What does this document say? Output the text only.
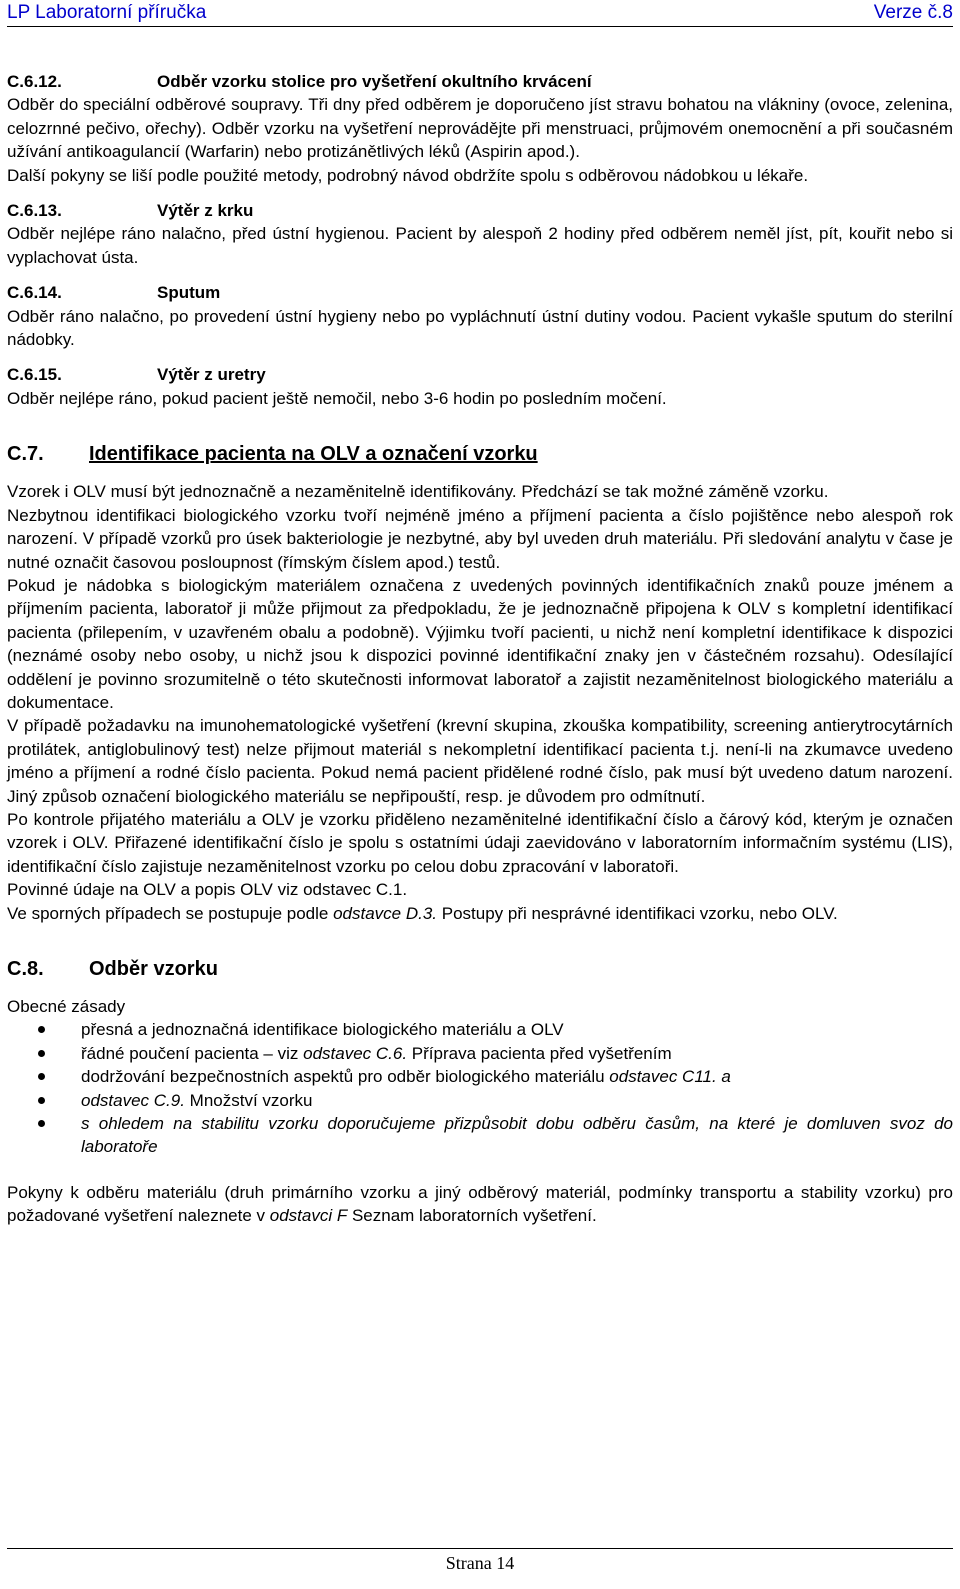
LP Laboratorní příručka	Verze č.8
C.6.12.	Odběr vzorku stolice pro vyšetření okultního krvácení

Odběr do speciální odběrové soupravy. Tři dny před odběrem je doporučeno jíst stravu bohatou na vlákniny (ovoce, zelenina, celozrnné pečivo, ořechy). Odběr vzorku na vyšetření neprovádějte při menstruaci, průjmovém onemocnění a při současném užívání antikoagulancií (Warfarin) nebo protizánětlivých léků (Aspirin apod.).

Další pokyny se liší podle použité metody, podrobný návod obdržíte spolu s odběrovou nádobkou u lékaře.

C.6.13.	Výtěr z krku

Odběr nejlépe ráno nalačno, před ústní hygienou. Pacient by alespoň 2 hodiny před odběrem neměl jíst, pít, kouřit nebo si vyplachovat ústa.

C.6.14.	Sputum

Odběr ráno nalačno, po provedení ústní hygieny nebo po vypláchnutí ústní dutiny vodou. Pacient vykašle sputum do sterilní nádobky.

C.6.15.	Výtěr z uretry

Odběr nejlépe ráno, pokud pacient ještě nemočil, nebo 3-6 hodin po posledním močení.

C.7.	Identifikace pacienta na OLV a označení vzorku

Vzorek i OLV musí být jednoznačně a nezaměnitelně identifikovány. Předchází se tak možné záměně vzorku.

Nezbytnou identifikaci biologického vzorku tvoří nejméně jméno a příjmení pacienta a číslo pojištěnce nebo alespoň rok narození. V případě vzorků pro úsek bakteriologie je nezbytné, aby byl uveden druh materiálu. Při sledování analytu v čase je nutné označit časovou posloupnost (římským číslem apod.) testů.

Pokud je nádobka s biologickým materiálem označena z uvedených povinných identifikačních znaků pouze jménem a příjmením pacienta, laboratoř ji může přijmout za předpokladu, že je jednoznačně připojena k OLV s kompletní identifikací pacienta (přilepením, v uzavřeném obalu a podobně). Výjimku tvoří pacienti, u nichž není kompletní identifikace k dispozici (neznámé osoby nebo osoby, u nichž jsou k dispozici povinné identifikační znaky jen v částečném rozsahu). Odesílající oddělení je povinno srozumitelně o této skutečnosti informovat laboratoř a zajistit nezaměnitelnost biologického materiálu a dokumentace.

V případě požadavku na imunohematologické vyšetření (krevní skupina, zkouška kompatibility, screening antierytrocytárních protilátek, antiglobulinový test) nelze přijmout materiál s nekompletní identifikací pacienta t.j. není-li na zkumavce uvedeno jméno a příjmení a rodné číslo pacienta. Pokud nemá pacient přidělené rodné číslo, pak musí být uvedeno datum narození. Jiný způsob označení biologického materiálu se nepřipouští, resp. je důvodem pro odmítnutí.

Po kontrole přijatého materiálu a OLV je vzorku přiděleno nezaměnitelné identifikační číslo a čárový kód, kterým je označen vzorek i OLV. Přiřazené identifikační číslo je spolu s ostatními údaji zaevidováno v laboratorním informačním systému (LIS), identifikační číslo zajistuje nezaměnitelnost vzorku po celou dobu zpracování v laboratoři.

Povinné údaje na OLV a popis OLV viz odstavec C.1.

Ve sporných případech se postupuje podle odstavce D.3. Postupy při nesprávné identifikaci vzorku, nebo OLV.

C.8.	Odběr vzorku

Obecné zásady

přesná a jednoznačná identifikace biologického materiálu a OLV
řádné poučení pacienta – viz odstavec C.6. Příprava pacienta před vyšetřením
dodržování bezpečnostních aspektů pro odběr biologického materiálu odstavec C11. a
odstavec C.9. Množství vzorku
s ohledem na stabilitu vzorku doporučujeme přizpůsobit dobu odběru časům, na které je domluven svoz do laboratoře

Pokyny k odběru materiálu (druh primárního vzorku a jiný odběrový materiál, podmínky transportu a stability vzorku) pro požadované vyšetření naleznete v odstavci F Seznam laboratorních vyšetření.

Strana 14
